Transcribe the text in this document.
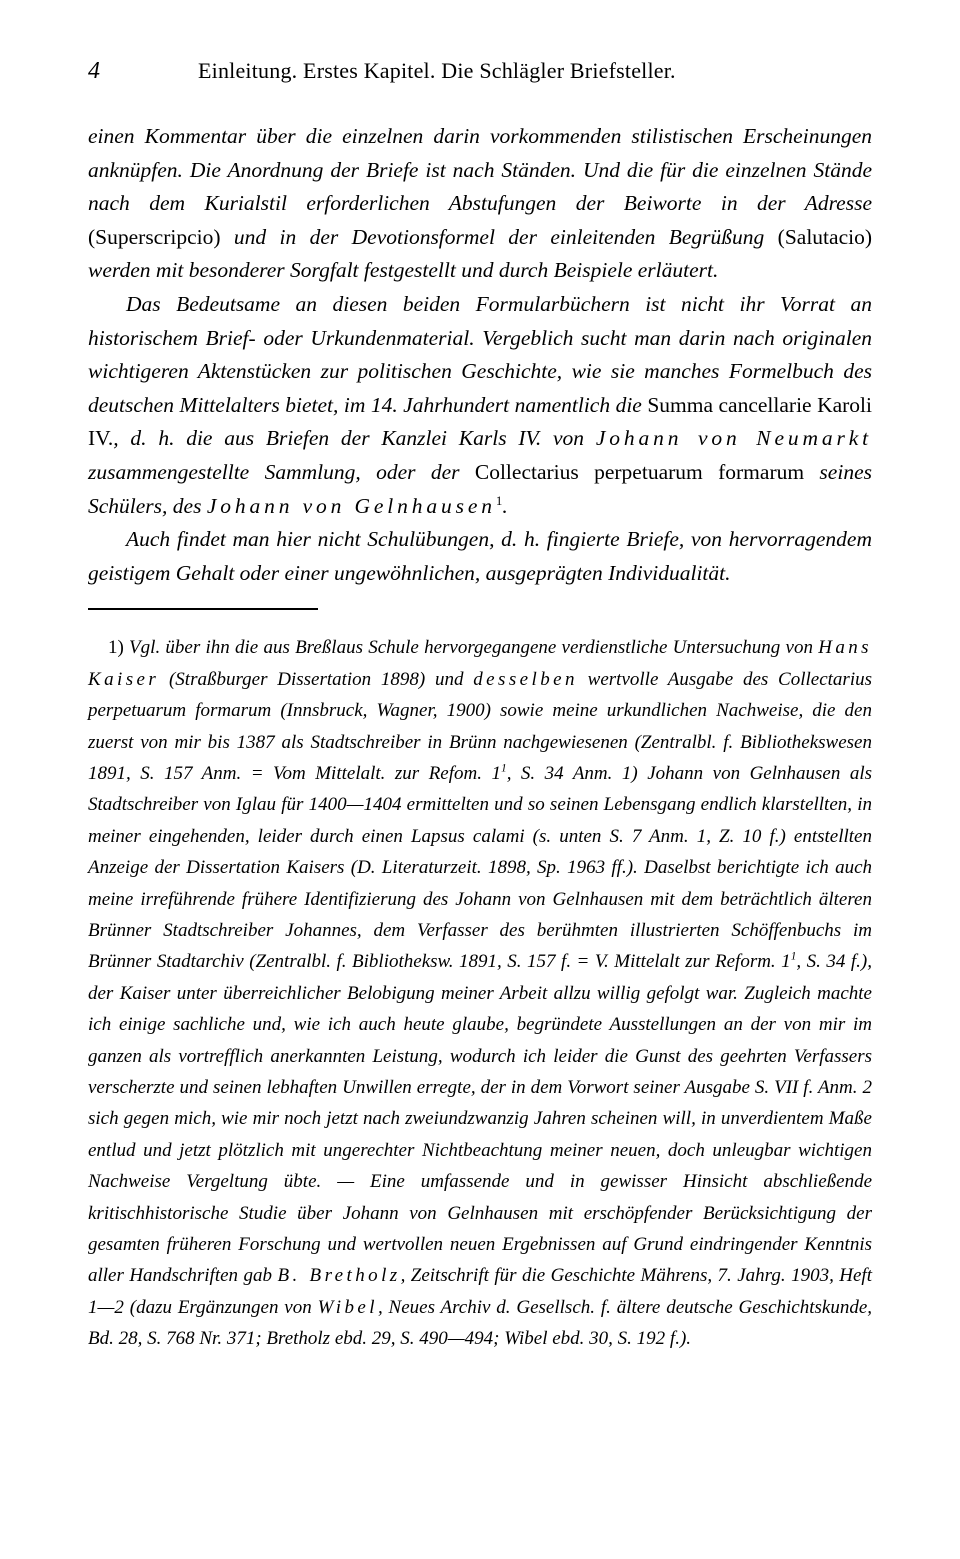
4	Einleitung. Erstes Kapitel. Die Schlägler Briefsteller.

einen Kommentar über die einzelnen darin vorkommenden stilistischen Erscheinungen anknüpfen. Die Anordnung der Briefe ist nach Ständen. Und die für die einzelnen Stände nach dem Kurialstil erforderlichen Abstufungen der Beiworte in der Adresse (Superscripcio) und in der Devotionsformel der einleitenden Begrüßung (Salutacio) werden mit besonderer Sorgfalt festgestellt und durch Beispiele erläutert.

Das Bedeutsame an diesen beiden Formularbüchern ist nicht ihr Vorrat an historischem Brief- oder Urkundenmaterial. Vergeblich sucht man darin nach originalen wichtigeren Aktenstücken zur politischen Geschichte, wie sie manches Formelbuch des deutschen Mittelalters bietet, im 14. Jahrhundert namentlich die Summa cancellarie Karoli IV., d. h. die aus Briefen der Kanzlei Karls IV. von Johann von Neumarkt zusammengestellte Sammlung, oder der Collectarius perpetuarum formarum seines Schülers, des Johann von Gelnhausen$^1$.

Auch findet man hier nicht Schulübungen, d. h. fingierte Briefe, von hervorragendem geistigem Gehalt oder einer ungewöhnlichen, ausgeprägten Individualität.

1) Vgl. über ihn die aus Breßlaus Schule hervorgegangene verdienstliche Untersuchung von Hans Kaiser (Straßburger Dissertation 1898) und desselben wertvolle Ausgabe des Collectarius perpetuarum formarum (Innsbruck, Wagner, 1900) sowie meine urkundlichen Nachweise, die den zuerst von mir bis 1387 als Stadtschreiber in Brünn nachgewiesenen (Zentralbl. f. Bibliothekswesen 1891, S. 157 Anm. = Vom Mittelalt. zur Refom. $1^1$, S. 34 Anm. 1) Johann von Gelnhausen als Stadtschreiber von Iglau für 1400—1404 ermittelten und so seinen Lebensgang endlich klarstellten, in meiner eingehenden, leider durch einen Lapsus calami (s. unten S. 7 Anm. 1, Z. 10 f.) entstellten Anzeige der Dissertation Kaisers (D. Literaturzeit. 1898, Sp. 1963 ff.). Daselbst berichtigte ich auch meine irreführende frühere Identifizierung des Johann von Gelnhausen mit dem beträchtlich älteren Brünner Stadtschreiber Johannes, dem Verfasser des berühmten illustrierten Schöffenbuchs im Brünner Stadtarchiv (Zentralbl. f. Bibliotheksw. 1891, S. 157 f. = V. Mittelalt zur Reform. $1^1$, S. 34 f.), der Kaiser unter überreichlicher Belobigung meiner Arbeit allzu willig gefolgt war. Zugleich machte ich einige sachliche und, wie ich auch heute glaube, begründete Ausstellungen an der von mir im ganzen als vortrefflich anerkannten Leistung, wodurch ich leider die Gunst des geehrten Verfassers verscherzte und seinen lebhaften Unwillen erregte, der in dem Vorwort seiner Ausgabe S. VII f. Anm. 2 sich gegen mich, wie mir noch jetzt nach zweiundzwanzig Jahren scheinen will, in unverdientem Maße entlud und jetzt plötzlich mit ungerechter Nichtbeachtung meiner neuen, doch unleugbar wichtigen Nachweise Vergeltung übte. — Eine umfassende und in gewisser Hinsicht abschließende kritischhistorische Studie über Johann von Gelnhausen mit erschöpfender Berücksichtigung der gesamten früheren Forschung und wertvollen neuen Ergebnissen auf Grund eindringender Kenntnis aller Handschriften gab B. Bretholz, Zeitschrift für die Geschichte Mährens, 7. Jahrg. 1903, Heft 1—2 (dazu Ergänzungen von Wibel, Neues Archiv d. Gesellsch. f. ältere deutsche Geschichtskunde, Bd. 28, S. 768 Nr. 371; Bretholz ebd. 29, S. 490—494; Wibel ebd. 30, S. 192 f.).
